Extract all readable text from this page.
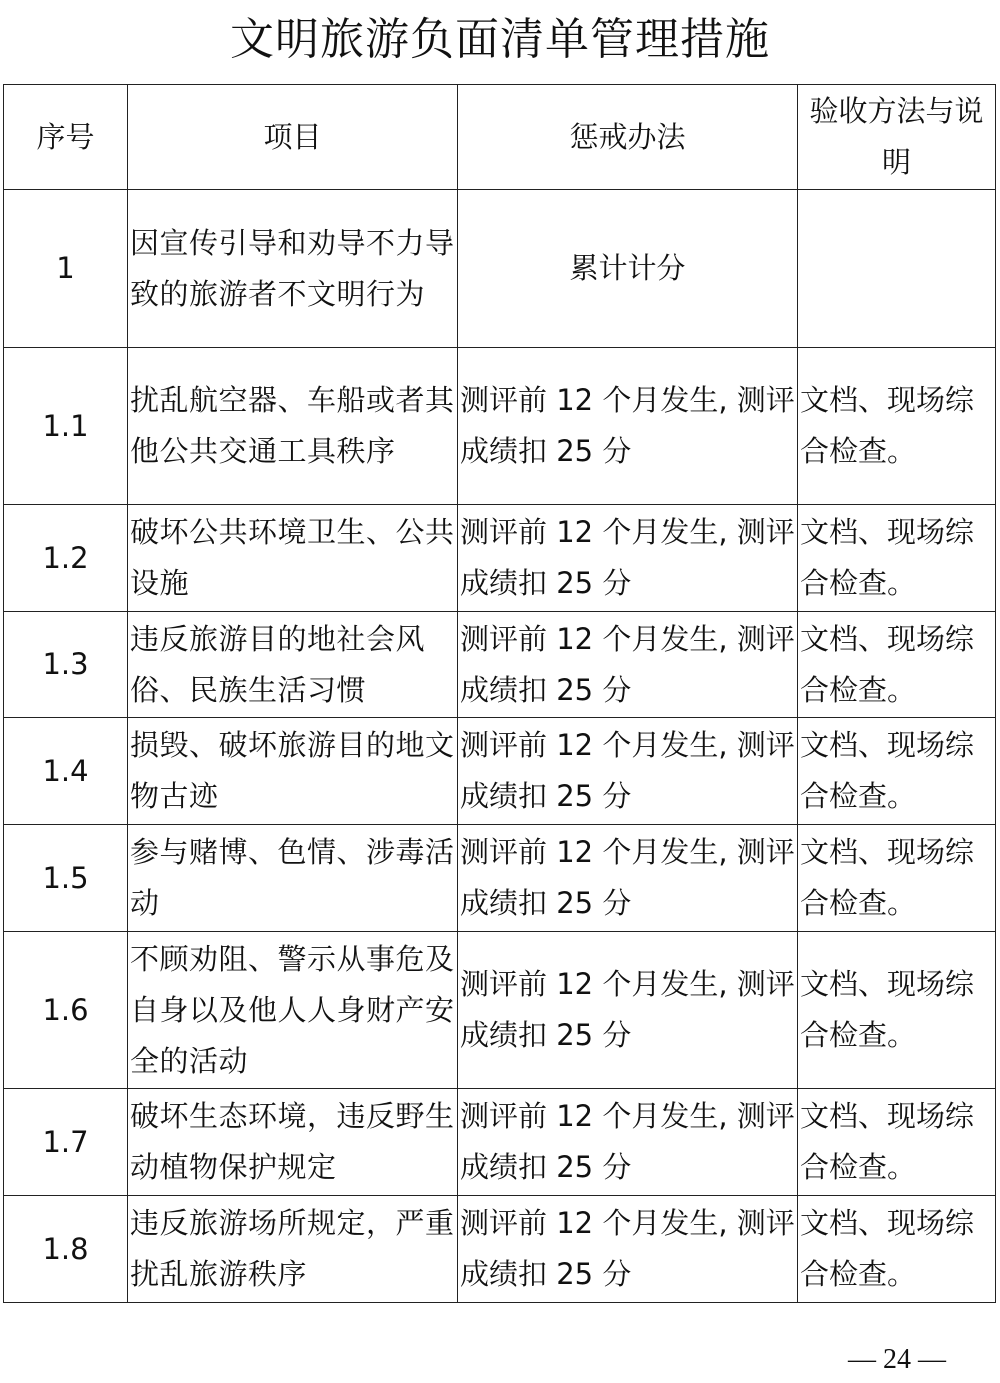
文明旅游负面清单管理措施
序号	项目	惩戒办法	验收方法与说明
1	因宣传引导和劝导不力导致的旅游者不文明行为	累计计分	
1.1	扰乱航空器、车船或者其他公共交通工具秩序	测评前 12 个月发生, 测评成绩扣 25 分	文档、现场综合检查。
1.2	破坏公共环境卫生、公共设施	测评前 12 个月发生, 测评成绩扣 25 分	文档、现场综合检查。
1.3	违反旅游目的地社会风俗、民族生活习惯	测评前 12 个月发生, 测评成绩扣 25 分	文档、现场综合检查。
1.4	损毁、破坏旅游目的地文物古迹	测评前 12 个月发生, 测评成绩扣 25 分	文档、现场综合检查。
1.5	参与赌博、色情、涉毒活动	测评前 12 个月发生, 测评成绩扣 25 分	文档、现场综合检查。
1.6	不顾劝阻、警示从事危及自身以及他人人身财产安全的活动	测评前 12 个月发生, 测评成绩扣 25 分	文档、现场综合检查。
1.7	破坏生态环境，违反野生动植物保护规定	测评前 12 个月发生, 测评成绩扣 25 分	文档、现场综合检查。
1.8	违反旅游场所规定，严重扰乱旅游秩序	测评前 12 个月发生, 测评成绩扣 25 分	文档、现场综合检查。
— 24 —
